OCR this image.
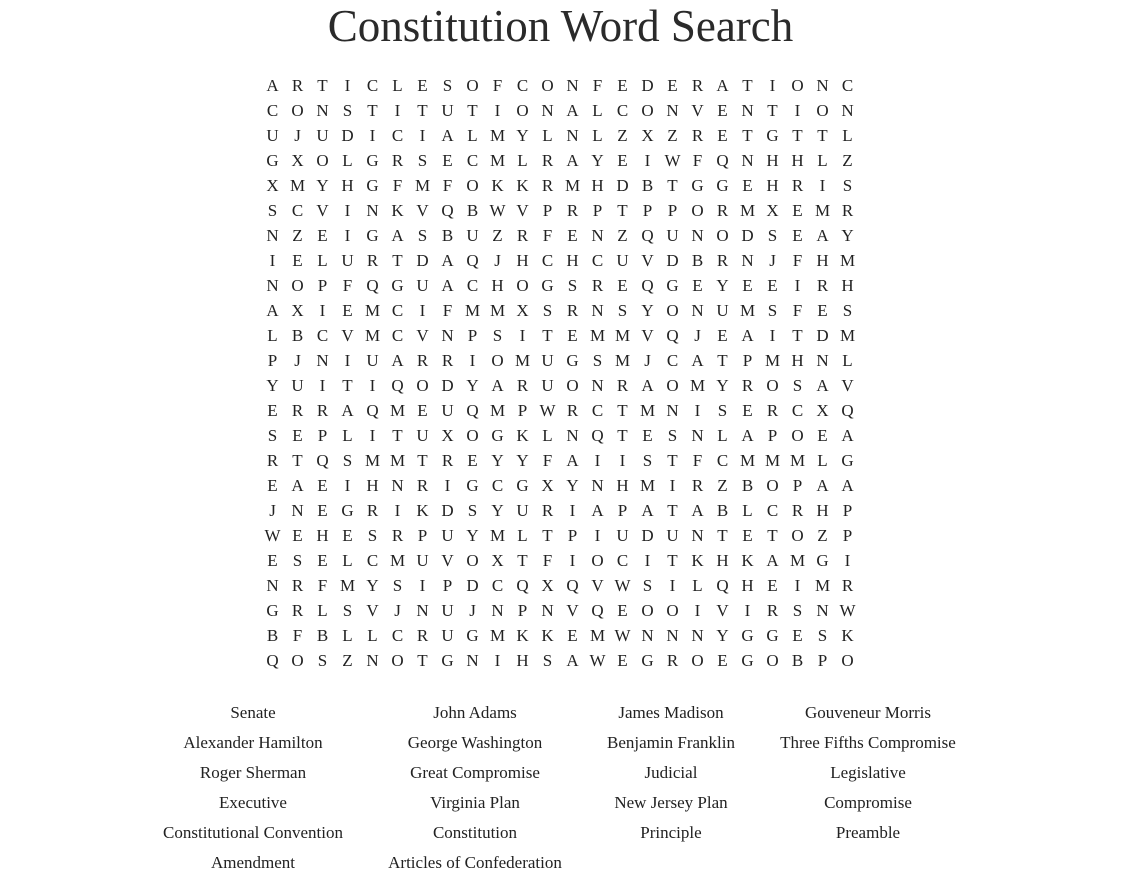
Constitution Word Search
A R T I C L E S O F C O N F E D E R A T I O N C
C O N S T I T U T I O N A L C O N V E N T I O N
U J U D I C I A L M Y L N L Z X Z R E T G T T L
G X O L G R S E C M L R A Y E I W F Q N H H L Z
X M Y H G F M F O K K R M H D B T G G E H R I	S
S C V I N K V Q B W V P R P T P P O R M X E M R
N Z E I G A S B U Z R F E N Z Q U N O D S E A Y
I E L U R T D A Q J H C H C U V D B R N J F H M
N O P F Q G U A C H O G S R E Q G E Y E E I R H
A X I E M C I	F M M X S R N S Y O N U M S F E S
L B C V M C V N P S	I T E M M V Q J E A I T D M
P J N I U A R R I O M U G S M J C A T P M H N L
Y U I T I Q O D Y A R U O N R A O M Y R O S A V
E R R A Q M E U Q M P W R C T M N I	S E R C X Q
S E P L I T U X O G K L N Q T E S N L A P O E A
R T Q S M M T R E Y Y F A I	I	S T F C M M M L G
E A E I H N R I G C G X Y N H M I R Z B O P A A
J N E G R I K D S Y U R I A P A T A B L C R H P
W E H E S R P U Y M L T P	I U D U N T E T O Z P
E S E L C M U V O X T F	I O C I T K H K A M G I
N R F M Y S	I	P D C Q X Q V W S	I L Q H E I M R
G R L S V J N U J N P N V Q E O O I V I R S N W
B F B L L C R U G M K K E M W N N N Y G G E S K
Q O S Z N O T G N I H S A W E G R O E G O B P O
Senate
Alexander Hamilton
Roger Sherman
Executive
Constitutional Convention
Amendment
John Adams
George Washington
Great Compromise
Virginia Plan
Constitution
Articles of Confederation
James Madison
Benjamin Franklin
Judicial
New Jersey Plan
Principle
Gouveneur Morris
Three Fifths Compromise
Legislative
Compromise
Preamble
